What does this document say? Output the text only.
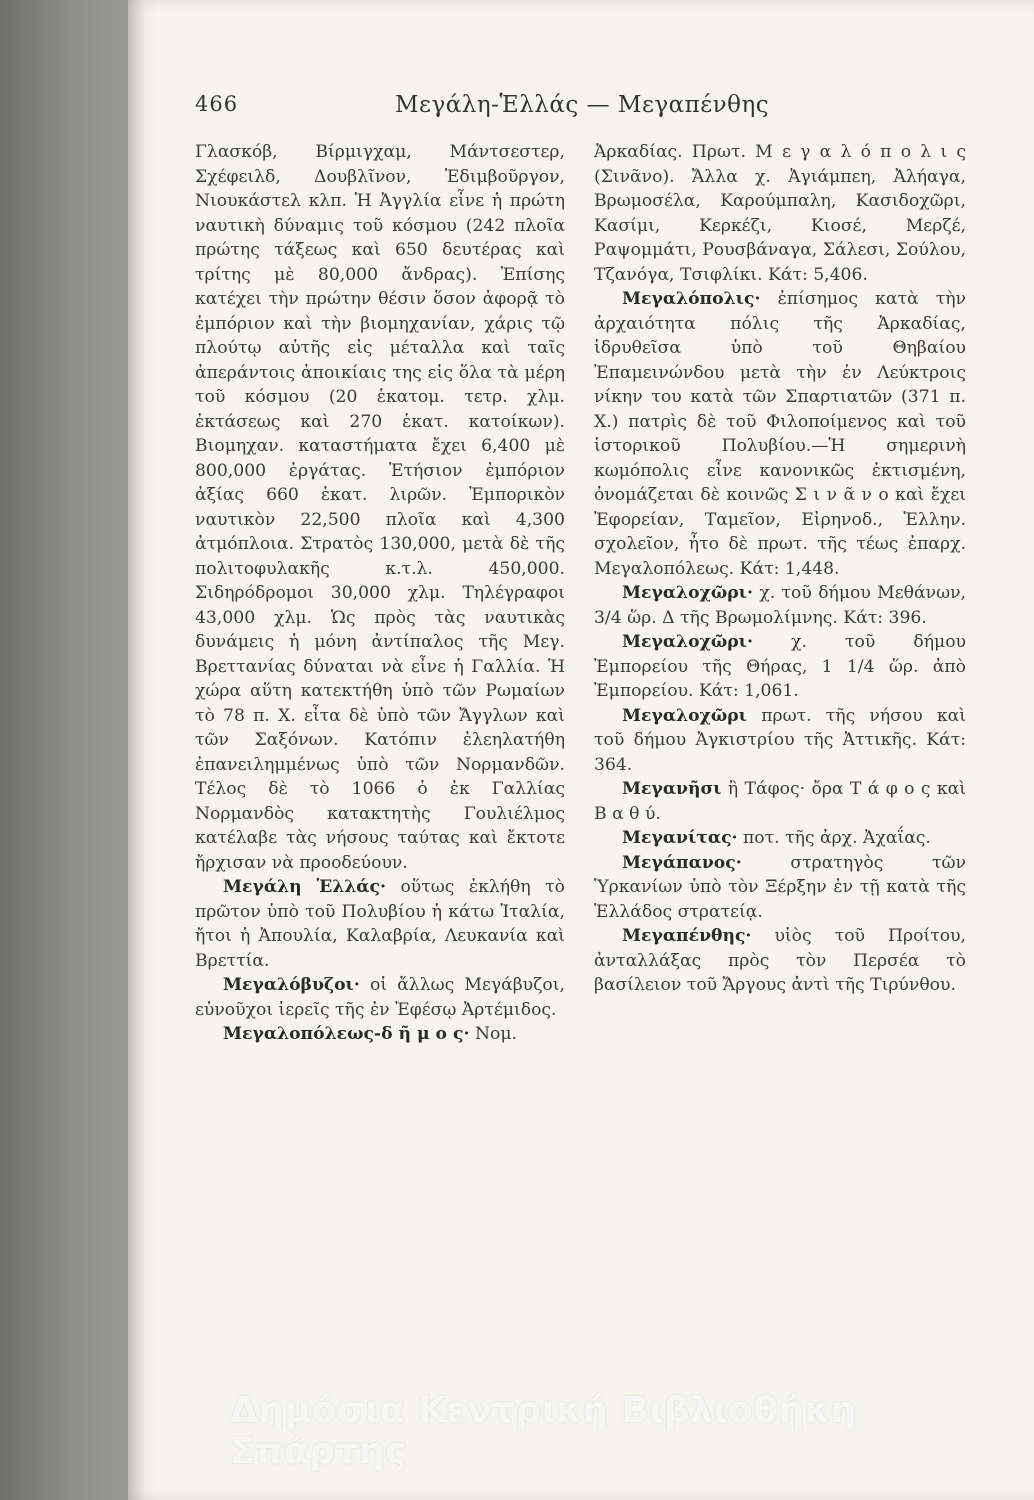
466	Μεγάλη-Ἑλλάς — Μεγαπένθης

Γλασκόβ, Βίρμιγχαμ, Μάντσεστερ, Σχέφειλδ, Δουβλῖνον, Ἐδιμβοῦργον, Νιουκάστελ κλπ. Ἡ Ἀγγλία εἶνε ἡ πρώτη ναυτικὴ δύναμις τοῦ κόσμου (242 πλοῖα πρώτης τάξεως καὶ 650 δευτέρας καὶ τρίτης μὲ 80,000 ἄνδρας). Ἐπίσης κατέχει τὴν πρώτην θέσιν ὅσον ἀφορᾷ τὸ ἐμπόριον καὶ τὴν βιομηχανίαν, χάρις τῷ πλούτῳ αὐτῆς εἰς μέταλλα καὶ ταῖς ἀπεράντοις ἀποικίαις της εἰς ὅλα τὰ μέρη τοῦ κόσμου (20 ἑκατομ. τετρ. χλμ. ἐκτάσεως καὶ 270 ἑκατ. κατοίκων). Βιομηχαν. καταστήματα ἔχει 6,400 μὲ 800,000 ἐργάτας. Ἐτήσιον ἐμπόριον ἀξίας 660 ἑκατ. λιρῶν. Ἐμπορικὸν ναυτικὸν 22,500 πλοῖα καὶ 4,300 ἀτμόπλοια. Στρατὸς 130,000, μετὰ δὲ τῆς πολιτοφυλακῆς κ.τ.λ. 450,000. Σιδηρόδρομοι 30,000 χλμ. Τηλέγραφοι 43,000 χλμ. Ὡς πρὸς τὰς ναυτικὰς δυνάμεις ἡ μόνη ἀντίπαλος τῆς Μεγ. Βρεττανίας δύναται νὰ εἶνε ἡ Γαλλία. Ἡ χώρα αὕτη κατεκτήθη ὑπὸ τῶν Ρωμαίων τὸ 78 π. Χ. εἶτα δὲ ὑπὸ τῶν Ἄγγλων καὶ τῶν Σαξόνων. Κατόπιν ἐλεηλατήθη ἐπανειλημμένως ὑπὸ τῶν Νορμανδῶν. Τέλος δὲ τὸ 1066 ὁ ἐκ Γαλλίας Νορμανδὸς κατακτητὴς Γουλιέλμος κατέλαβε τὰς νήσους ταύτας καὶ ἔκτοτε ἤρχισαν νὰ προοδεύουν.

Μεγάλη Ἑλλάς· οὕτως ἐκλήθη τὸ πρῶτον ὑπὸ τοῦ Πολυβίου ἡ κάτω Ἰταλία, ἤτοι ἡ Ἀπουλία, Καλαβρία, Λευκανία καὶ Βρεττία.

Μεγαλόβυζοι· οἱ ἄλλως Μεγάβυζοι, εὐνοῦχοι ἱερεῖς τῆς ἐν Ἐφέσῳ Ἀρτέμιδος.

Μεγαλοπόλεως-δ ῆ μ ο ς· Νομ.

Ἀρκαδίας. Πρωτ. Μ ε γ α λ ό π ο λ ι ς (Σινᾶνο). Ἄλλα χ. Ἀγιάμπεη, Ἀλήαγα, Βρωμοσέλα, Καρούμπαλη, Κασιδοχῶρι, Κασίμι, Κερκέζι, Κιοσέ, Μερζέ, Ραψομμάτι, Ρουσβάναγα, Σάλεσι, Σούλου, Τζανόγα, Τσιφλίκι. Κάτ: 5,406.

Μεγαλόπολις· ἐπίσημος κατὰ τὴν ἀρχαιότητα πόλις τῆς Ἀρκαδίας, ἱδρυθεῖσα ὑπὸ τοῦ Θηβαίου Ἐπαμεινώνδου μετὰ τὴν ἐν Λεύκτροις νίκην του κατὰ τῶν Σπαρτιατῶν (371 π. Χ.) πατρὶς δὲ τοῦ Φιλοποίμενος καὶ τοῦ ἱστορικοῦ Πολυβίου.—Ἡ σημερινὴ κωμόπολις εἶνε κανονικῶς ἐκτισμένη, ὀνομάζεται δὲ κοινῶς Σ ι ν ᾶ ν ο καὶ ἔχει Ἐφορείαν, Ταμεῖον, Εἰρηνοδ., Ἑλλην. σχολεῖον, ἦτο δὲ πρωτ. τῆς τέως ἐπαρχ. Μεγαλοπόλεως. Κάτ: 1,448.

Μεγαλοχῶρι· χ. τοῦ δήμου Μεθάνων, 3/4 ὥρ. Δ τῆς Βρωμολίμνης. Κάτ: 396.

Μεγαλοχῶρι· χ. τοῦ δήμου Ἐμπορείου τῆς Θήρας, 1 1/4 ὥρ. ἀπὸ Ἐμπορείου. Κάτ: 1,061.

Μεγαλοχῶρι πρωτ. τῆς νήσου καὶ τοῦ δήμου Ἀγκιστρίου τῆς Ἀττικῆς. Κάτ: 364.

Μεγανῆσι ἢ Τάφος· ὄρα Τ ά φ ο ς καὶ Β α θ ύ.

Μεγανίτας· ποτ. τῆς ἀρχ. Ἀχαΐας.

Μεγάπανος·	στρατηγὸς τῶν Ὑρκανίων ὑπὸ τὸν Ξέρξην ἐν τῇ κατὰ τῆς Ἑλλάδος στρατείᾳ.

Μεγαπένθης· υἱὸς τοῦ Προίτου, ἀνταλλάξας πρὸς τὸν Περσέα τὸ βασίλειον τοῦ Ἄργους ἀντὶ τῆς Τιρύνθου.

Δημόσια Κεντρική Βιβλιοθήκη Σπάρτης
